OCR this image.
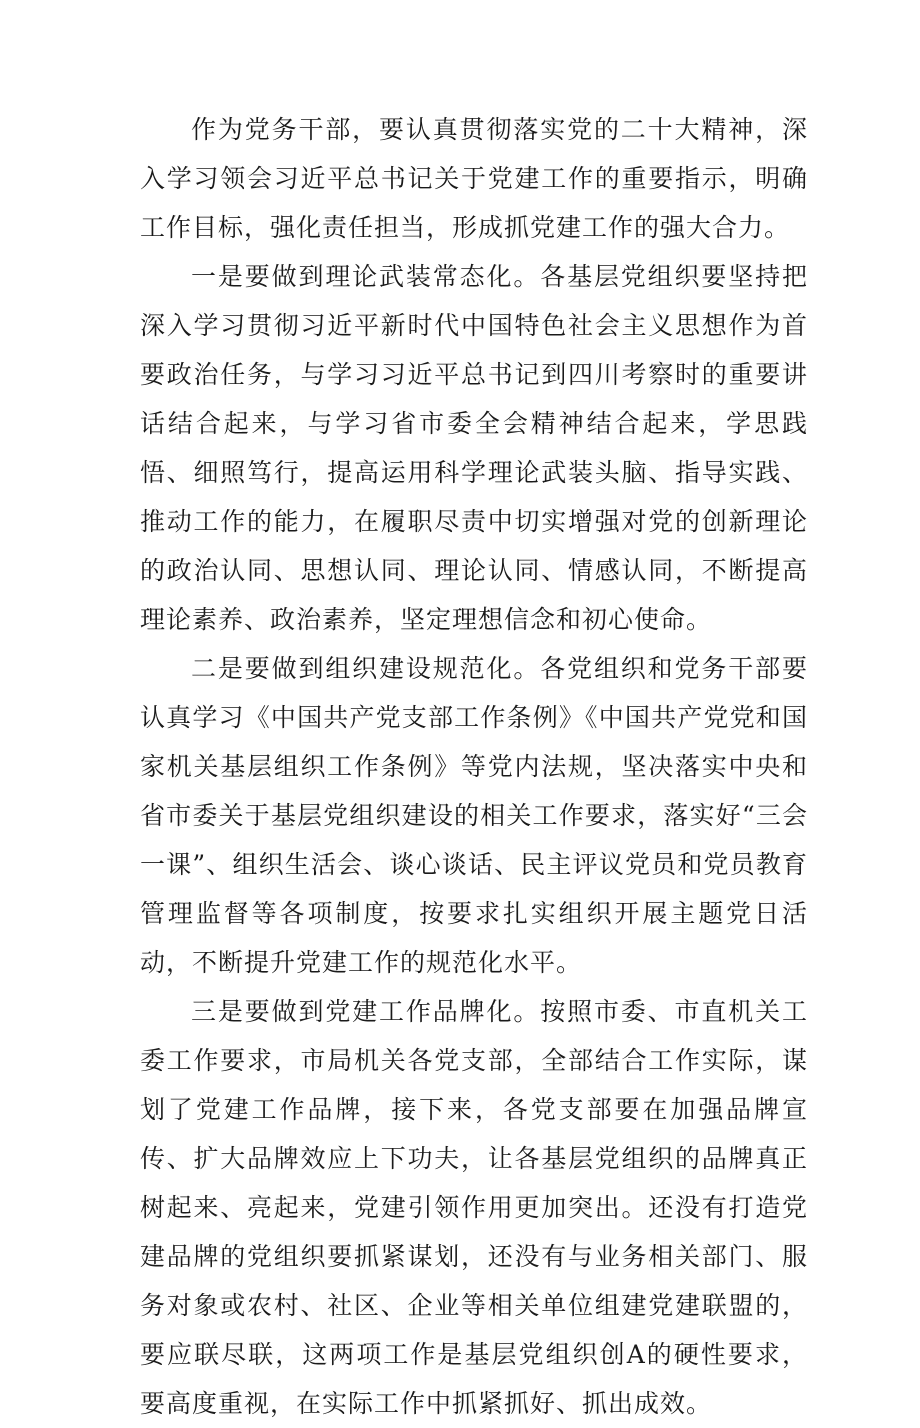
作为党务干部，要认真贯彻落实党的二十大精神，深入学习领会习近平总书记关于党建工作的重要指示，明确工作目标，强化责任担当，形成抓党建工作的强大合力。

一是要做到理论武装常态化。各基层党组织要坚持把深入学习贯彻习近平新时代中国特色社会主义思想作为首要政治任务，与学习习近平总书记到四川考察时的重要讲话结合起来，与学习省市委全会精神结合起来，学思践悟、细照笃行，提高运用科学理论武装头脑、指导实践、推动工作的能力，在履职尽责中切实增强对党的创新理论的政治认同、思想认同、理论认同、情感认同，不断提高理论素养、政治素养，坚定理想信念和初心使命。

二是要做到组织建设规范化。各党组织和党务干部要认真学习《中国共产党支部工作条例》《中国共产党党和国家机关基层组织工作条例》等党内法规，坚决落实中央和省市委关于基层党组织建设的相关工作要求，落实好“三会一课”、组织生活会、谈心谈话、民主评议党员和党员教育管理监督等各项制度，按要求扎实组织开展主题党日活动，不断提升党建工作的规范化水平。

三是要做到党建工作品牌化。按照市委、市直机关工委工作要求，市局机关各党支部，全部结合工作实际，谋划了党建工作品牌，接下来，各党支部要在加强品牌宣传、扩大品牌效应上下功夫，让各基层党组织的品牌真正树起来、亮起来，党建引领作用更加突出。还没有打造党建品牌的党组织要抓紧谋划，还没有与业务相关部门、服务对象或农村、社区、企业等相关单位组建党建联盟的，要应联尽联，这两项工作是基层党组织创A的硬性要求，要高度重视，在实际工作中抓紧抓好、抓出成效。
